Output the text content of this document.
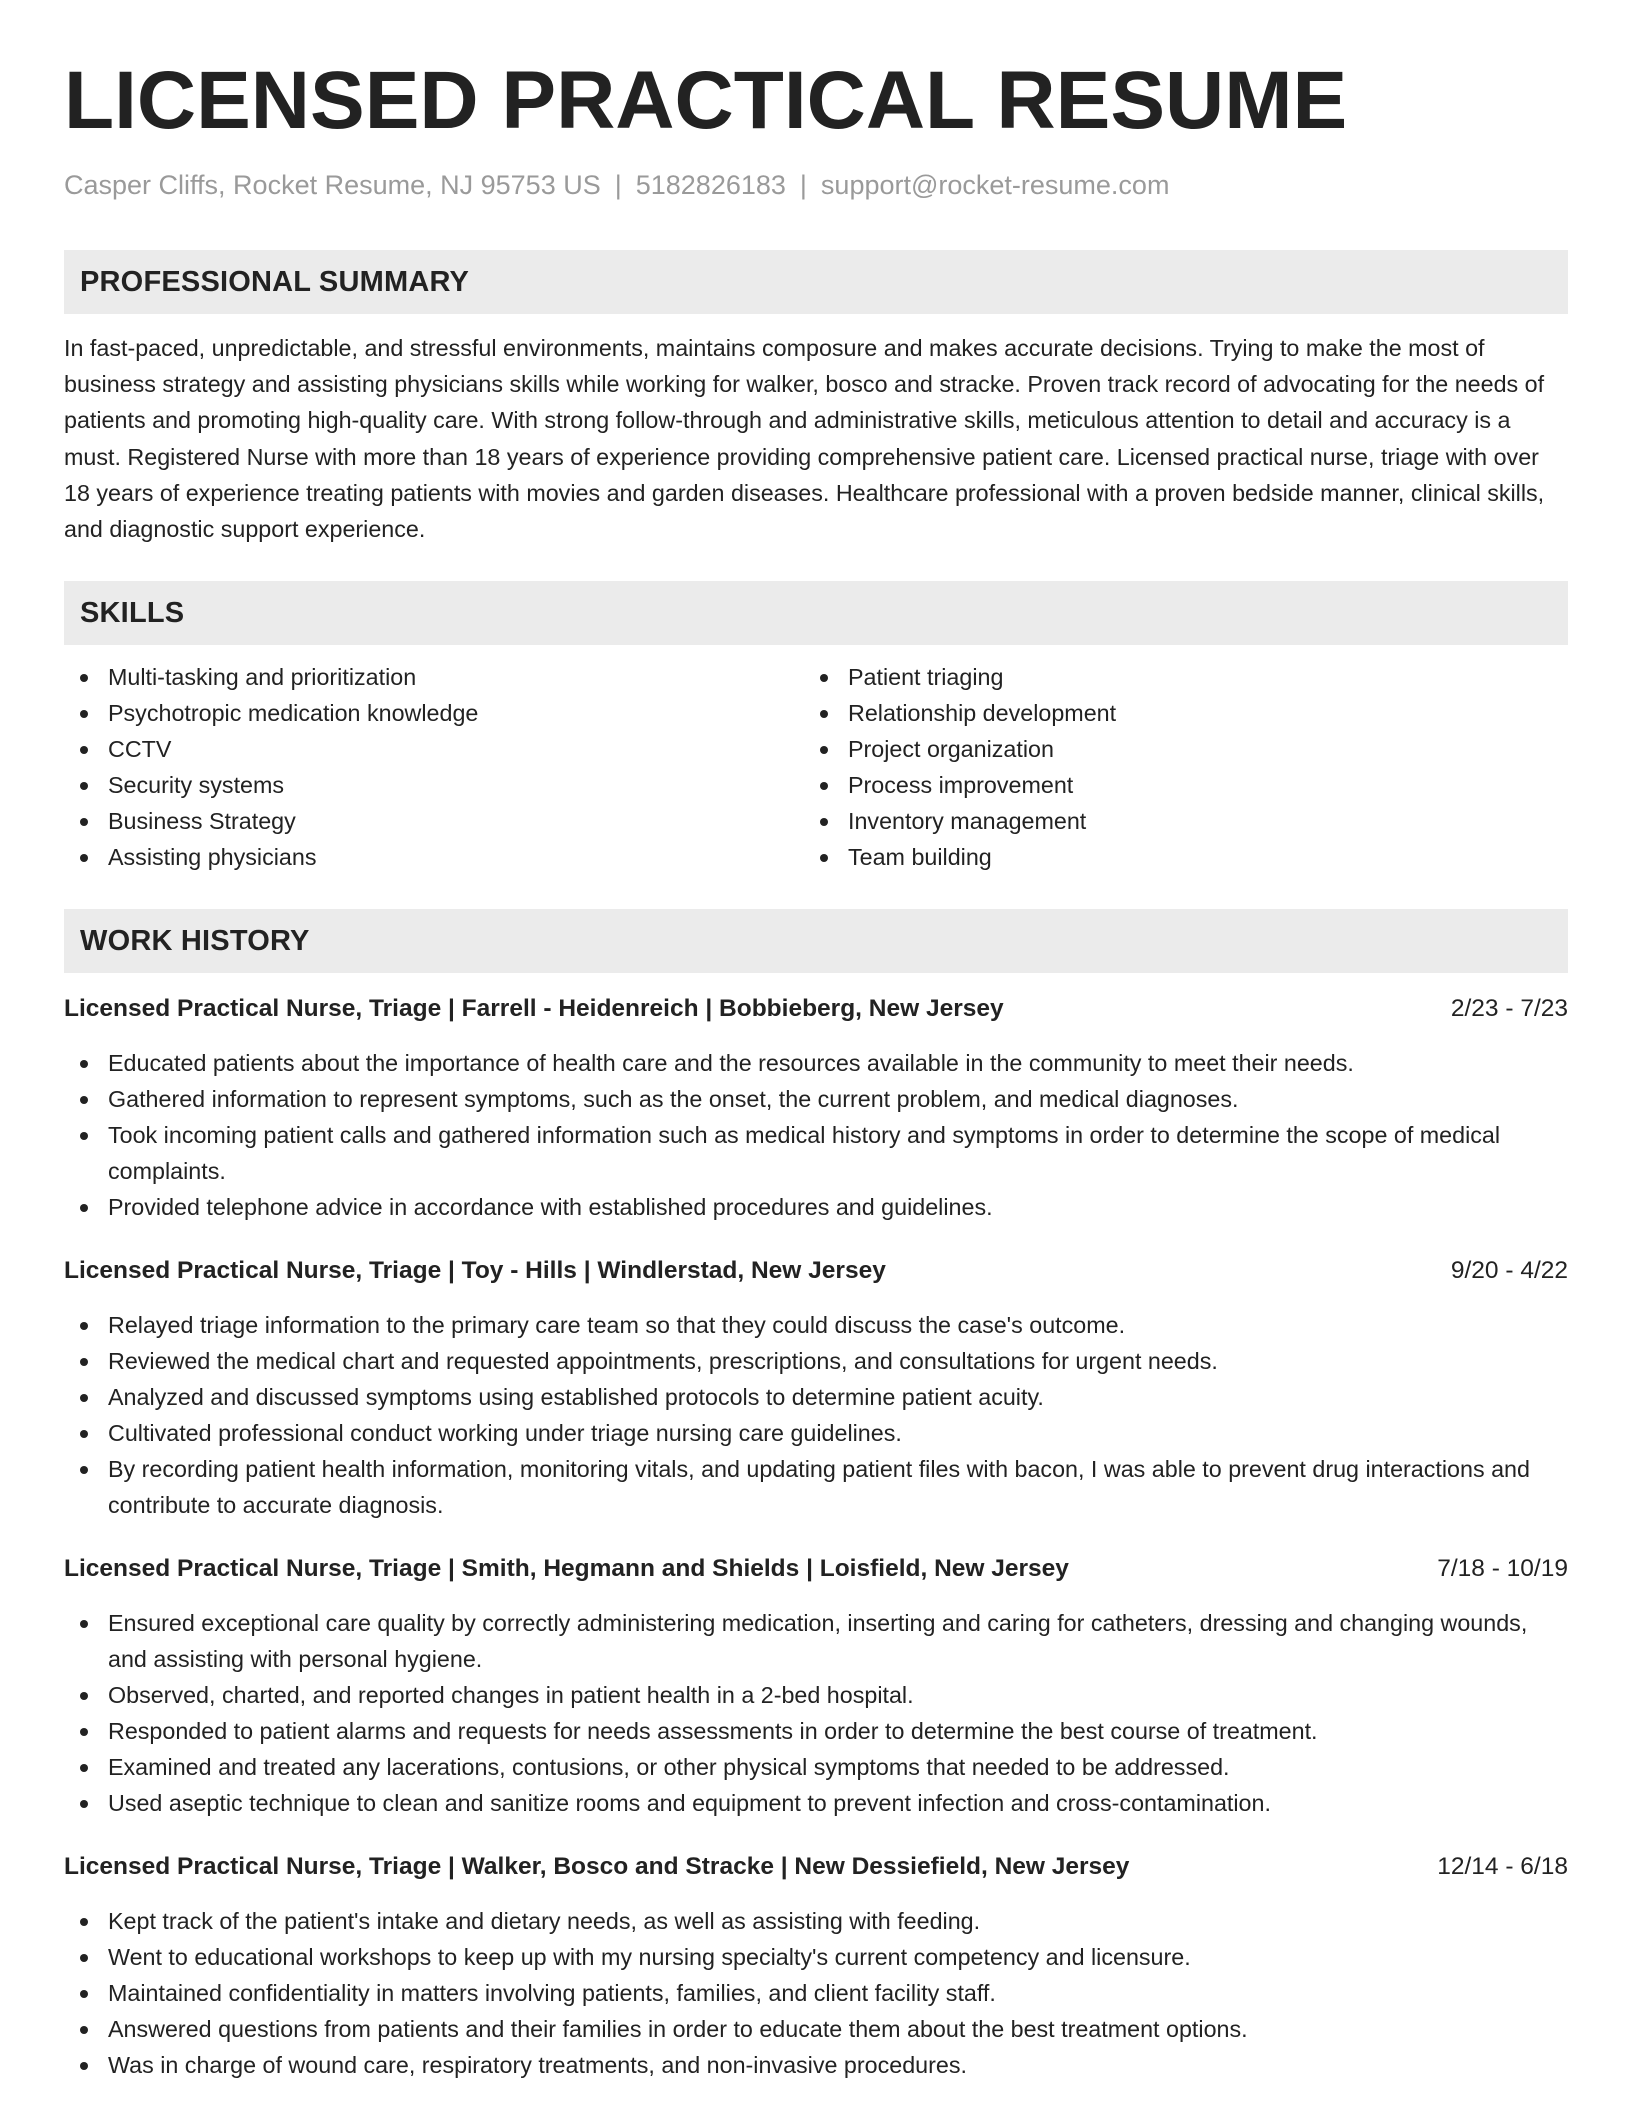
LICENSED PRACTICAL RESUME
Casper Cliffs, Rocket Resume, NJ 95753 US | 5182826183 | support@rocket-resume.com
PROFESSIONAL SUMMARY

In fast-paced, unpredictable, and stressful environments, maintains composure and makes accurate decisions. Trying to make the most of business strategy and assisting physicians skills while working for walker, bosco and stracke. Proven track record of advocating for the needs of patients and promoting high-quality care. With strong follow-through and administrative skills, meticulous attention to detail and accuracy is a must. Registered Nurse with more than 18 years of experience providing comprehensive patient care. Licensed practical nurse, triage with over 18 years of experience treating patients with movies and garden diseases. Healthcare professional with a proven bedside manner, clinical skills, and diagnostic support experience.

SKILLS
Multi-tasking and prioritization
Psychotropic medication knowledge
CCTV
Security systems
Business Strategy
Assisting physicians
Patient triaging
Relationship development
Project organization
Process improvement
Inventory management
Team building
WORK HISTORY
Licensed Practical Nurse, Triage | Farrell - Heidenreich | Bobbieberg, New Jersey	2/23 - 7/23
Educated patients about the importance of health care and the resources available in the community to meet their needs.
Gathered information to represent symptoms, such as the onset, the current problem, and medical diagnoses.
Took incoming patient calls and gathered information such as medical history and symptoms in order to determine the scope of medical complaints.
Provided telephone advice in accordance with established procedures and guidelines.
Licensed Practical Nurse, Triage | Toy - Hills | Windlerstad, New Jersey	9/20 - 4/22
Relayed triage information to the primary care team so that they could discuss the case's outcome.
Reviewed the medical chart and requested appointments, prescriptions, and consultations for urgent needs.
Analyzed and discussed symptoms using established protocols to determine patient acuity.
Cultivated professional conduct working under triage nursing care guidelines.
By recording patient health information, monitoring vitals, and updating patient files with bacon, I was able to prevent drug interactions and contribute to accurate diagnosis.
Licensed Practical Nurse, Triage | Smith, Hegmann and Shields | Loisfield, New Jersey	7/18 - 10/19
Ensured exceptional care quality by correctly administering medication, inserting and caring for catheters, dressing and changing wounds, and assisting with personal hygiene.
Observed, charted, and reported changes in patient health in a 2-bed hospital.
Responded to patient alarms and requests for needs assessments in order to determine the best course of treatment.
Examined and treated any lacerations, contusions, or other physical symptoms that needed to be addressed.
Used aseptic technique to clean and sanitize rooms and equipment to prevent infection and cross-contamination.
Licensed Practical Nurse, Triage | Walker, Bosco and Stracke | New Dessiefield, New Jersey	12/14 - 6/18
Kept track of the patient's intake and dietary needs, as well as assisting with feeding.
Went to educational workshops to keep up with my nursing specialty's current competency and licensure.
Maintained confidentiality in matters involving patients, families, and client facility staff.
Answered questions from patients and their families in order to educate them about the best treatment options.
Was in charge of wound care, respiratory treatments, and non-invasive procedures.
